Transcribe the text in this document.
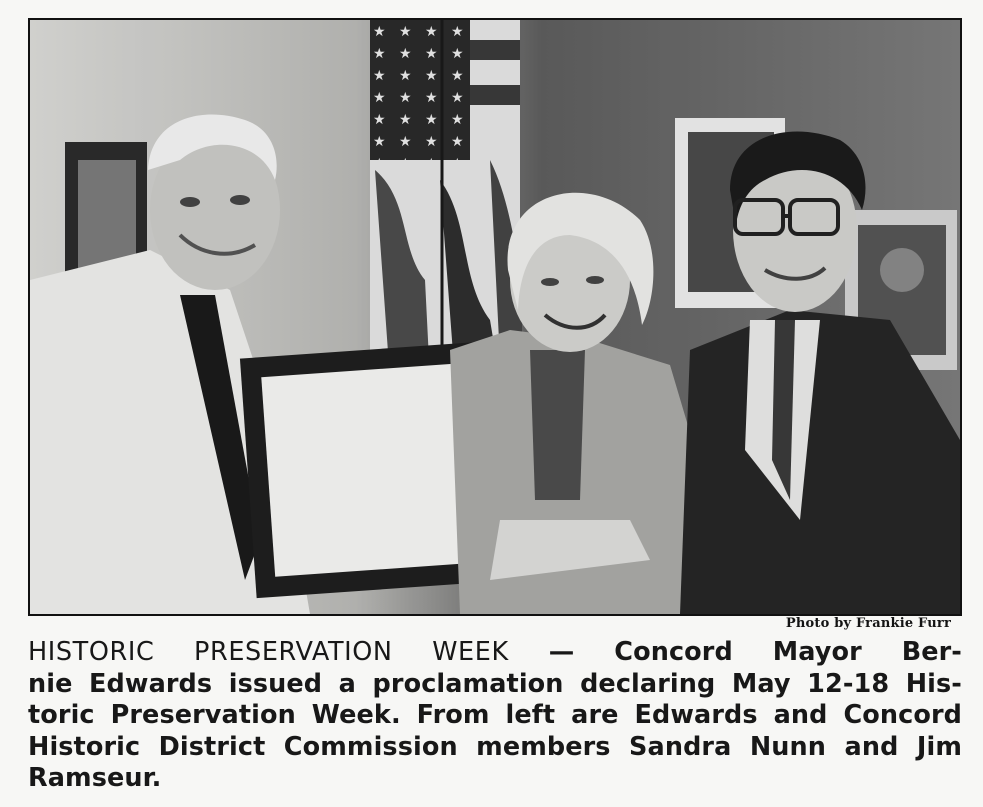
Photo by Frankie Furr
HISTORIC PRESERVATION WEEK — Concord Mayor Ber-
nie Edwards issued a proclamation declaring May 12-18 His-
toric Preservation Week. From left are Edwards and Concord
Historic District Commission members Sandra Nunn and Jim
Ramseur.
